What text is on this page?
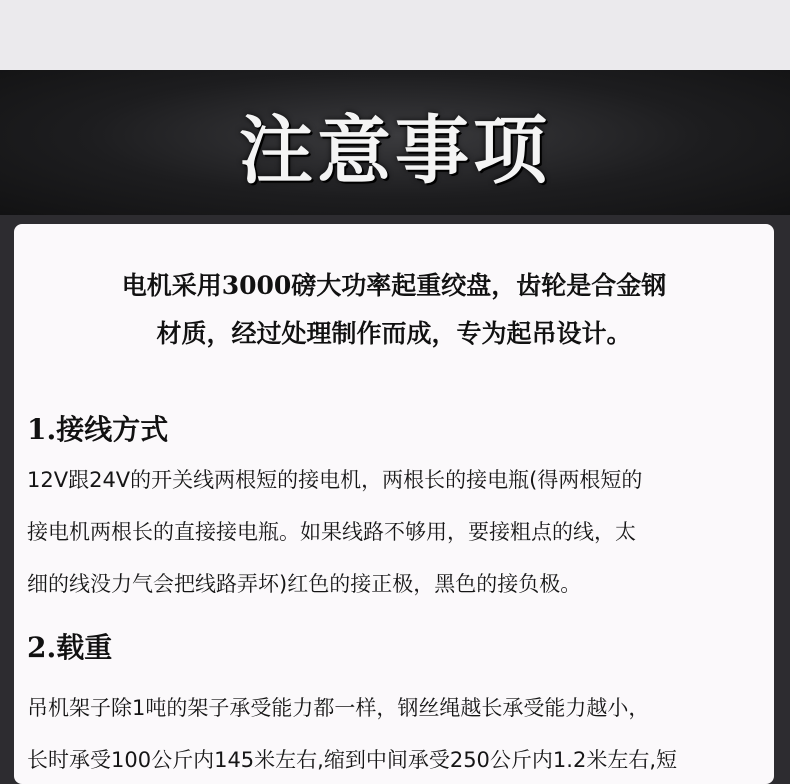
注意事项
电机采用3000磅大功率起重绞盘，齿轮是合金钢
材质，经过处理制作而成，专为起吊设计。
1.接线方式
12V跟24V的开关线两根短的接电机，两根长的接电瓶(得两根短的
接电机两根长的直接接电瓶。如果线路不够用，要接粗点的线，太
细的线没力气会把线路弄坏)红色的接正极，黑色的接负极。
2.载重
吊机架子除1吨的架子承受能力都一样，钢丝绳越长承受能力越小，
长时承受100公斤内145米左右,缩到中间承受250公斤内1.2米左右,短
